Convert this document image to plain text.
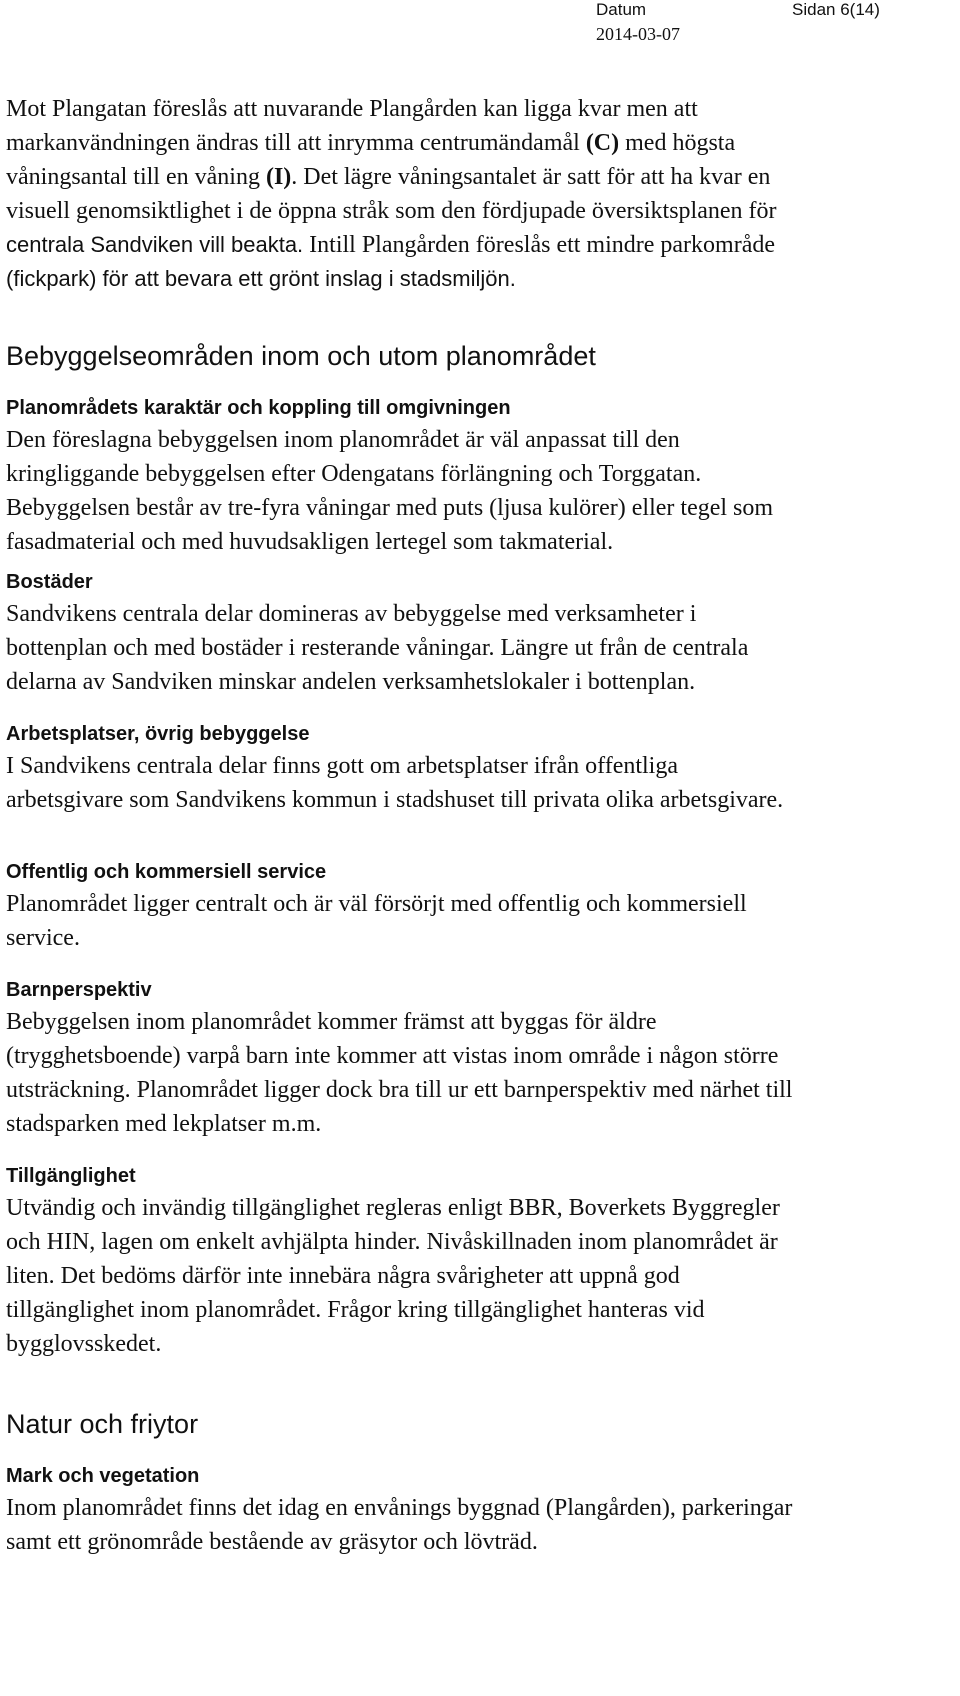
Datum
2014-03-07
Sidan 6(14)

Mot Plangatan föreslås att nuvarande Plangården kan ligga kvar men att

markanvändningen ändras till att inrymma centrumändamål (C) med högsta

våningsantal till en våning (I). Det lägre våningsantalet är satt för att ha kvar en

visuell genomsiktlighet i de öppna stråk som den fördjupade översiktsplanen för

centrala Sandviken vill beakta. Intill Plangården föreslås ett mindre parkområde

(fickpark) för att bevara ett grönt inslag i stadsmiljön.

Bebyggelseområden inom och utom planområdet
Planområdets karaktär och koppling till omgivningen

Den föreslagna bebyggelsen inom planområdet är väl anpassat till den

kringliggande bebyggelsen efter Odengatans förlängning och Torggatan.

Bebyggelsen består av tre-fyra våningar med puts (ljusa kulörer) eller tegel som

fasadmaterial och med huvudsakligen lertegel som takmaterial.

Bostäder

Sandvikens centrala delar domineras av bebyggelse med verksamheter i

bottenplan och med bostäder i resterande våningar. Längre ut från de centrala

delarna av Sandviken minskar andelen verksamhetslokaler i bottenplan.

Arbetsplatser, övrig bebyggelse

I Sandvikens centrala delar finns gott om arbetsplatser ifrån offentliga

arbetsgivare som Sandvikens kommun i stadshuset till privata olika arbetsgivare.

Offentlig och kommersiell service

Planområdet ligger centralt och är väl försörjt med offentlig och kommersiell

service.

Barnperspektiv

Bebyggelsen inom planområdet kommer främst att byggas för äldre

(trygghetsboende) varpå barn inte kommer att vistas inom område i någon större

utsträckning. Planområdet ligger dock bra till ur ett barnperspektiv med närhet till

stadsparken med lekplatser m.m.

Tillgänglighet

Utvändig och invändig tillgänglighet regleras enligt BBR, Boverkets Byggregler

och HIN, lagen om enkelt avhjälpta hinder. Nivåskillnaden inom planområdet är

liten. Det bedöms därför inte innebära några svårigheter att uppnå god

tillgänglighet inom planområdet. Frågor kring tillgänglighet hanteras vid

bygglovsskedet.

Natur och friytor
Mark och vegetation

Inom planområdet finns det idag en envånings byggnad (Plangården), parkeringar

samt ett grönområde bestående av gräsytor och lövträd.
